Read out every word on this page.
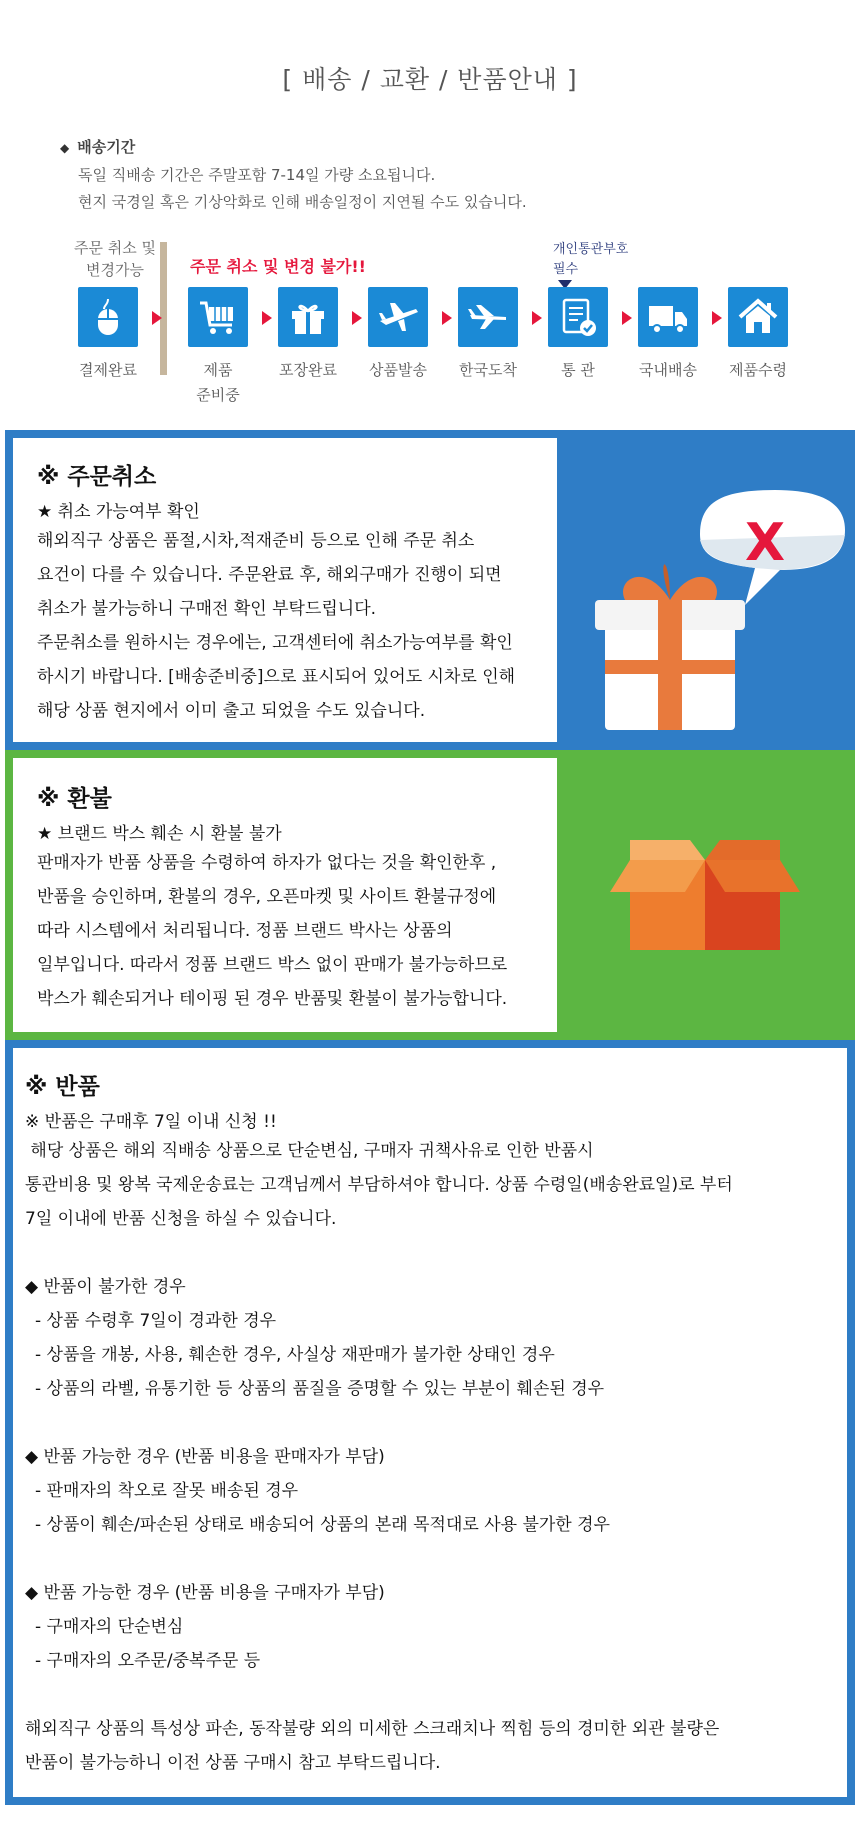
[ 배송 / 교환 / 반품안내 ]
◆ 배송기간
독일 직배송 기간은 주말포함 7-14일 가량 소요됩니다.
현지 국경일 혹은 기상악화로 인해 배송일정이 지연될 수도 있습니다.
주문 취소 및
변경가능	주문 취소 및 변경 불가!!
개인통관부호
필수
결제완료	제품
준비중
포장완료	상품발송	한국도착	통 관	국내배송	제품수령
※ 주문취소
★ 취소 가능여부 확인
해외직구 상품은 품절,시차,적재준비 등으로 인해 주문 취소
요건이 다를 수 있습니다. 주문완료 후, 해외구매가 진행이 되면
취소가 불가능하니 구매전 확인 부탁드립니다.
주문취소를 원하시는 경우에는, 고객센터에 취소가능여부를 확인
하시기 바랍니다. [배송준비중]으로 표시되어 있어도 시차로 인해
해당 상품 현지에서 이미 출고 되었을 수도 있습니다.
X
※ 환불
★ 브랜드 박스 훼손 시 환불 불가
판매자가 반품 상품을 수령하여 하자가 없다는 것을 확인한후 ,
반품을 승인하며, 환불의 경우, 오픈마켓 및 사이트 환불규정에
따라 시스템에서 처리됩니다. 정품 브랜드 박사는 상품의
일부입니다. 따라서 정품 브랜드 박스 없이 판매가 불가능하므로
박스가 훼손되거나 테이핑 된 경우 반품및 환불이 불가능합니다.
※ 반품
※ 반품은 구매후 7일 이내 신청 !!
해당 상품은 해외 직배송 상품으로 단순변심, 구매자 귀책사유로 인한 반품시
통관비용 및 왕복 국제운송료는 고객님께서 부담하셔야 합니다. 상품 수령일(배송완료일)로 부터
7일 이내에 반품 신청을 하실 수 있습니다.
◆ 반품이 불가한 경우
- 상품 수령후 7일이 경과한 경우
- 상품을 개봉, 사용, 훼손한 경우, 사실상 재판매가 불가한 상태인 경우
- 상품의 라벨, 유통기한 등 상품의 품질을 증명할 수 있는 부분이 훼손된 경우
◆ 반품 가능한 경우 (반품 비용을 판매자가 부담)
- 판매자의 착오로 잘못 배송된 경우
- 상품이 훼손/파손된 상태로 배송되어 상품의 본래 목적대로 사용 불가한 경우
◆ 반품 가능한 경우 (반품 비용을 구매자가 부담)
- 구매자의 단순변심
- 구매자의 오주문/중복주문 등
해외직구 상품의 특성상 파손, 동작불량 외의 미세한 스크래치나 찍힘 등의 경미한 외관 불량은
반품이 불가능하니 이전 상품 구매시 참고 부탁드립니다.
